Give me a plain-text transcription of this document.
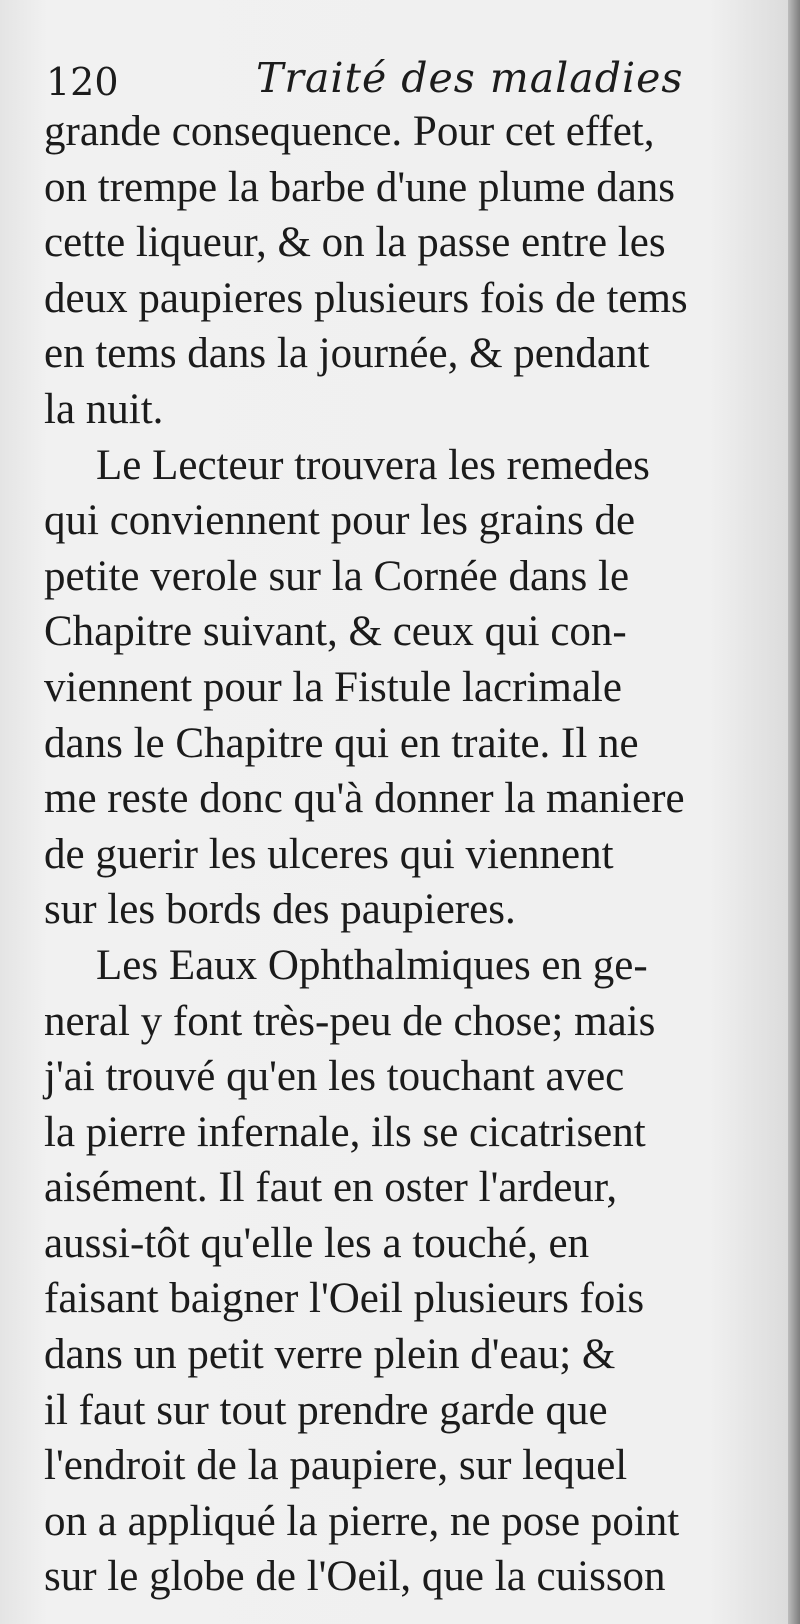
120	Traité des maladies
grande consequence. Pour cet effet,
on trempe la barbe d'une plume dans
cette liqueur, & on la passe entre les
deux paupieres plusieurs fois de tems
en tems dans la journée, & pendant
la nuit.
Le Lecteur trouvera les remedes
qui conviennent pour les grains de
petite verole sur la Cornée dans le
Chapitre suivant, & ceux qui con-
viennent pour la Fistule lacrimale
dans le Chapitre qui en traite. Il ne
me reste donc qu'à donner la maniere
de guerir les ulceres qui viennent
sur les bords des paupieres.
Les Eaux Ophthalmiques en ge-
neral y font très-peu de chose; mais
j'ai trouvé qu'en les touchant avec
la pierre infernale, ils se cicatrisent
aisément. Il faut en oster l'ardeur,
aussi-tôt qu'elle les a touché, en
faisant baigner l'Oeil plusieurs fois
dans un petit verre plein d'eau; &
il faut sur tout prendre garde que
l'endroit de la paupiere, sur lequel
on a appliqué la pierre, ne pose point
sur le globe de l'Oeil, que la cuisson
